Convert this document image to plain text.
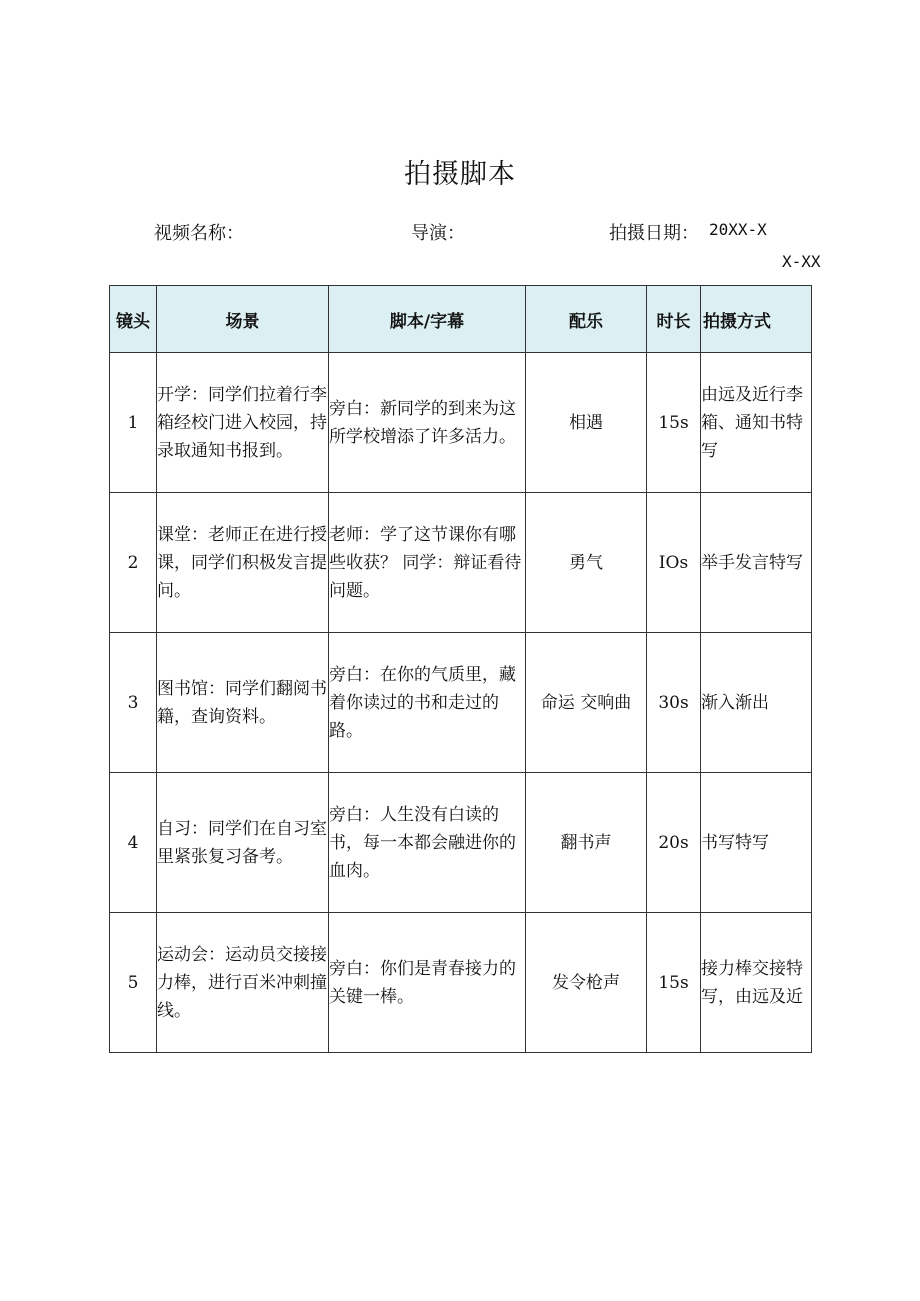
拍摄脚本
视频名称：	导演：	拍摄日期： 20XX-X
X-XX
镜头	场景	脚本/字幕	配乐	时长	拍摄方式
1	开学：同学们拉着行李箱经校门进入校园，持录取通知书报到。	旁白：新同学的到来为这所学校增添了许多活力。	相遇	15s	由远及近行李箱、通知书特写
2	课堂：老师正在进行授课，同学们积极发言提问。	老师：学了这节课你有哪些收获？ 同学：辩证看待问题。	勇气	IOs	举手发言特写
3	图书馆：同学们翻阅书籍，查询资料。	旁白：在你的气质里，藏着你读过的书和走过的路。	命运 交响曲	30s	渐入渐出
4	自习：同学们在自习室里紧张复习备考。	旁白：人生没有白读的书，每一本都会融进你的血肉。	翻书声	20s	书写特写
5	运动会：运动员交接接力棒，进行百米冲刺撞线。	旁白：你们是青春接力的关键一棒。	发令枪声	15s	接力棒交接特写，由远及近
